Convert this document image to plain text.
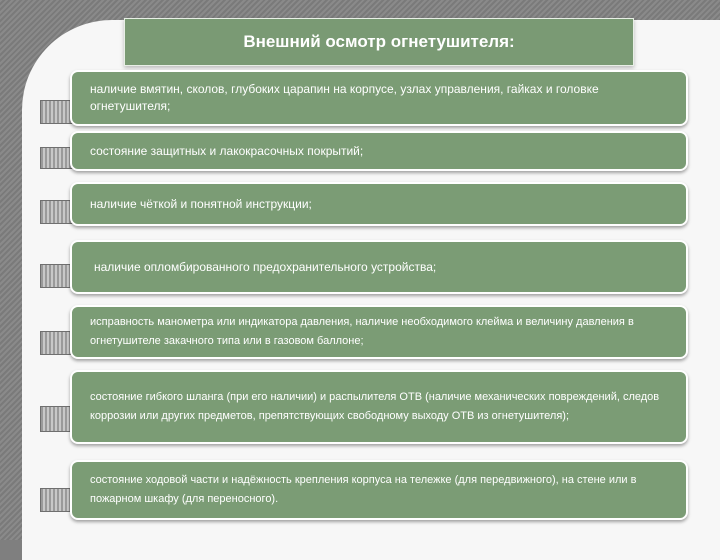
Внешний осмотр огнетушителя:
наличие вмятин, сколов, глубоких царапин на корпусе, узлах управления, гайках и головке огнетушителя;
состояние защитных и лакокрасочных покрытий;
наличие чёткой и понятной инструкции;
наличие опломбированного предохранительного устройства;
исправность манометра или индикатора давления, наличие необходимого клейма и величину давления в огнетушителе закачного типа или в газовом баллоне;
состояние гибкого шланга (при его наличии) и распылителя ОТВ (наличие механических повреждений, следов коррозии или других предметов, препятствующих свободному выходу ОТВ из огнетушителя);
состояние ходовой части и надёжность крепления корпуса на тележке (для передвижного), на стене или в пожарном шкафу (для переносного).
